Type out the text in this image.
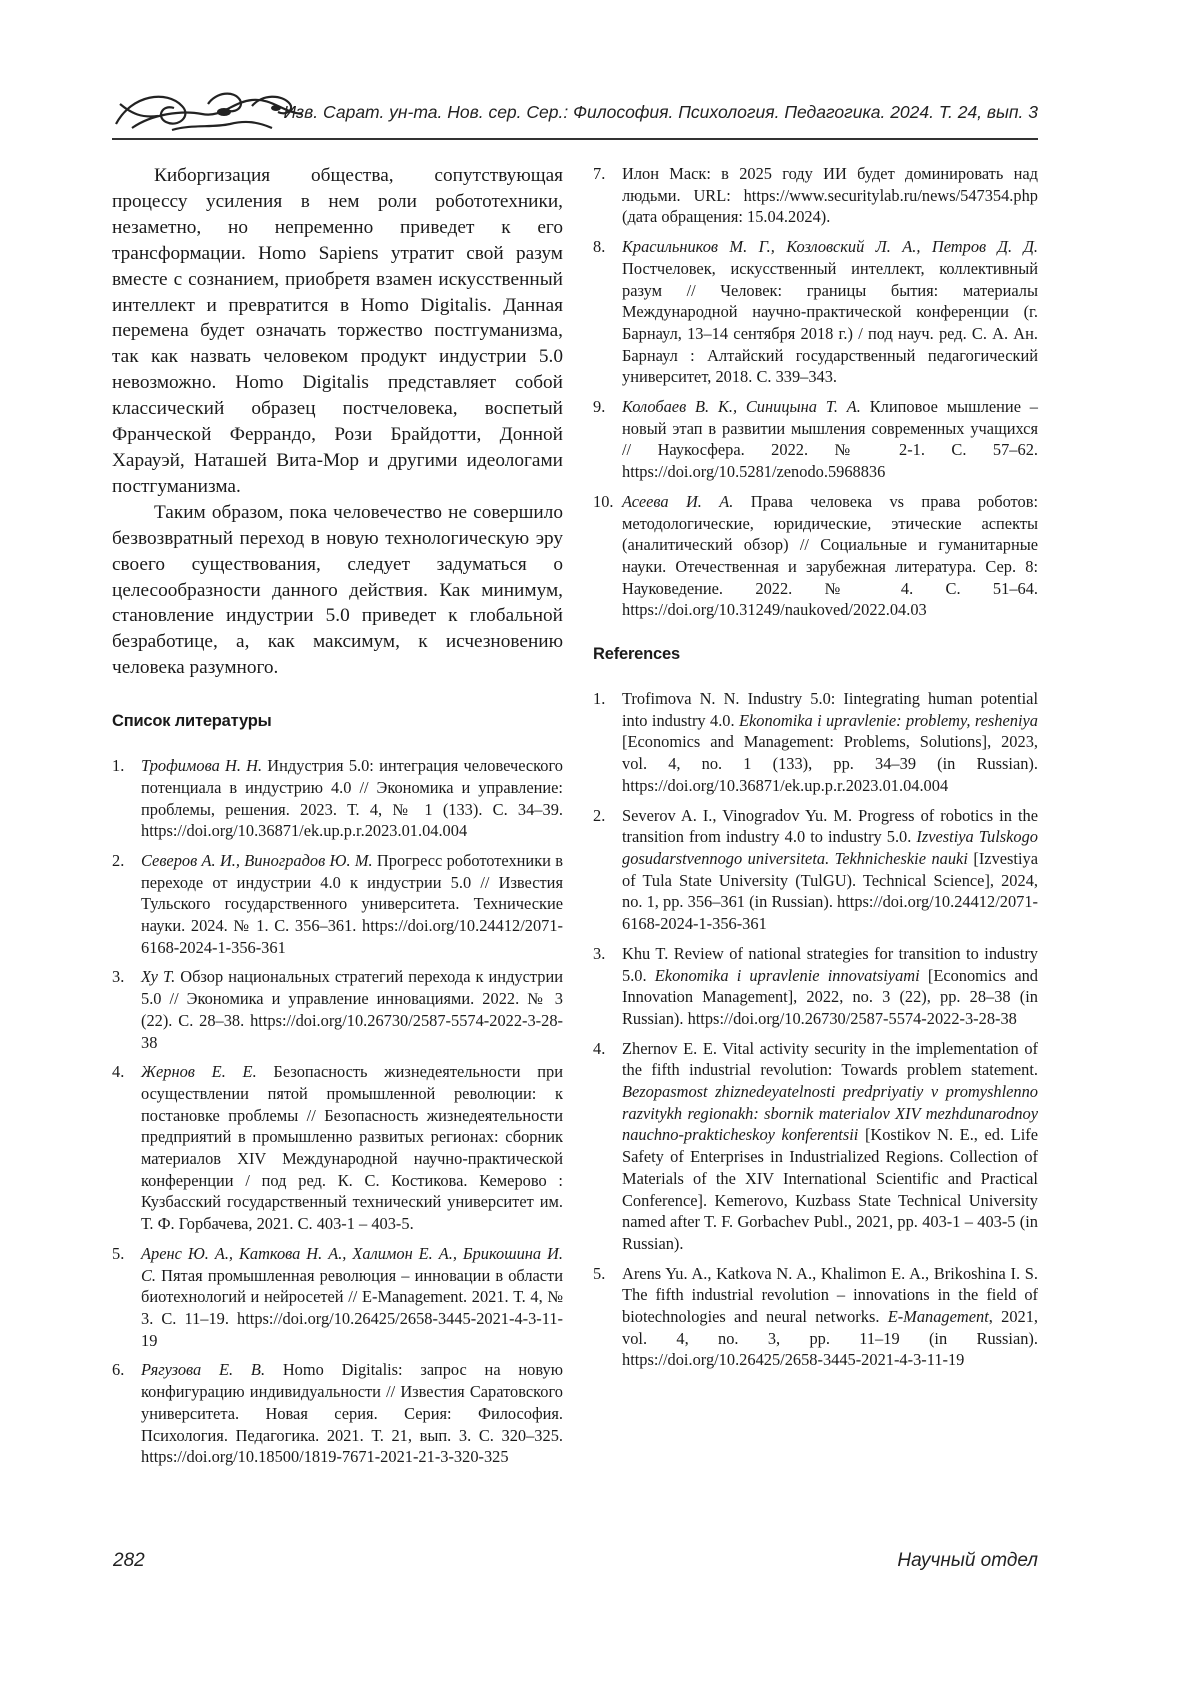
Изв. Сарат. ун-та. Нов. сер. Сер.: Философия. Психология. Педагогика. 2024. Т. 24, вып. 3

Киборгизация общества, сопутствующая процессу усиления в нем роли робототехники, незаметно, но непременно приведет к его трансформации. Homo Sapiens утратит свой разум вместе с сознанием, приобретя взамен искусственный интеллект и превратится в Homo Digitalis. Данная перемена будет означать торжество постгуманизма, так как назвать человеком продукт индустрии 5.0 невозможно. Homo Digitalis представляет собой классический образец постчеловека, воспетый Франческой Феррандо, Рози Брайдотти, Донной Харауэй, Наташей Вита-Мор и другими идеологами постгуманизма.

Таким образом, пока человечество не совершило безвозвратный переход в новую технологическую эру своего существования, следует задуматься о целесообразности данного действия. Как минимум, становление индустрии 5.0 приведет к глобальной безработице, а, как максимум, к исчезновению человека разумного.

Список литературы
1. Трофимова Н. Н. Индустрия 5.0: интеграция человеческого потенциала в индустрию 4.0 // Экономика и управление: проблемы, решения. 2023. Т. 4, № 1 (133). С. 34–39. https://doi.org/10.36871/ek.up.p.r.2023.01.04.004
2. Северов А. И., Виноградов Ю. М. Прогресс робототехники в переходе от индустрии 4.0 к индустрии 5.0 // Известия Тульского государственного университета. Технические науки. 2024. № 1. С. 356–361. https://doi.org/10.24412/2071-6168-2024-1-356-361
3. Ху Т. Обзор национальных стратегий перехода к индустрии 5.0 // Экономика и управление инновациями. 2022. № 3 (22). С. 28–38. https://doi.org/10.26730/2587-5574-2022-3-28-38
4. Жернов Е. Е. Безопасность жизнедеятельности при осуществлении пятой промышленной революции: к постановке проблемы // Безопасность жизнедеятельности предприятий в промышленно развитых регионах: сборник материалов XIV Международной научно-практической конференции / под ред. К. С. Костикова. Кемерово : Кузбасский государственный технический университет им. Т. Ф. Горбачева, 2021. С. 403-1 – 403-5.
5. Аренс Ю. А., Каткова Н. А., Халимон Е. А., Брикошина И. С. Пятая промышленная революция – инновации в области биотехнологий и нейросетей // E-Management. 2021. Т. 4, № 3. С. 11–19. https://doi.org/10.26425/2658-3445-2021-4-3-11-19
6. Рягузова Е. В. Homo Digitalis: запрос на новую конфигурацию индивидуальности // Известия Саратовского университета. Новая серия. Серия: Философия. Психология. Педагогика. 2021. Т. 21, вып. 3. С. 320–325. https://doi.org/10.18500/1819-7671-2021-21-3-320-325
7. Илон Маск: в 2025 году ИИ будет доминировать над людьми. URL: https://www.securitylab.ru/news/547354.php (дата обращения: 15.04.2024).
8. Красильников М. Г., Козловский Л. А., Петров Д. Д. Постчеловек, искусственный интеллект, коллективный разум // Человек: границы бытия: материалы Международной научно-практической конференции (г. Барнаул, 13–14 сентября 2018 г.) / под науч. ред. С. А. Ан. Барнаул : Алтайский государственный педагогический университет, 2018. С. 339–343.
9. Колобаев В. К., Синицына Т. А. Клиповое мышление – новый этап в развитии мышления современных учащихся // Наукосфера. 2022. № 2-1. С. 57–62. https://doi.org/10.5281/zenodo.5968836
10. Асеева И. А. Права человека vs права роботов: методологические, юридические, этические аспекты (аналитический обзор) // Социальные и гуманитарные науки. Отечественная и зарубежная литература. Сер. 8: Науковедение. 2022. № 4. С. 51–64. https://doi.org/10.31249/naukoved/2022.04.03
References
1. Trofimova N. N. Industry 5.0: Iintegrating human potential into industry 4.0. Ekonomika i upravlenie: problemy, resheniya [Economics and Management: Problems, Solutions], 2023, vol. 4, no. 1 (133), pp. 34–39 (in Russian). https://doi.org/10.36871/ek.up.p.r.2023.01.04.004
2. Severov A. I., Vinogradov Yu. M. Progress of robotics in the transition from industry 4.0 to industry 5.0. Izvestiya Tulskogo gosudarstvennogo universiteta. Tekhnicheskie nauki [Izvestiya of Tula State University (TulGU). Technical Science], 2024, no. 1, pp. 356–361 (in Russian). https://doi.org/10.24412/2071-6168-2024-1-356-361
3. Khu T. Review of national strategies for transition to industry 5.0. Ekonomika i upravlenie innovatsiyami [Economics and Innovation Management], 2022, no. 3 (22), pp. 28–38 (in Russian). https://doi.org/10.26730/2587-5574-2022-3-28-38
4. Zhernov E. E. Vital activity security in the implementation of the fifth industrial revolution: Towards problem statement. Bezopasmost zhiznedeyatelnosti predpriyatiy v promyshlenno razvitykh regionakh: sbornik materialov XIV mezhdunarodnoy nauchno-prakticheskoy konferentsii [Kostikov N. E., ed. Life Safety of Enterprises in Industrialized Regions. Collection of Materials of the XIV International Scientific and Practical Conference]. Kemerovo, Kuzbass State Technical University named after T. F. Gorbachev Publ., 2021, pp. 403-1 – 403-5 (in Russian).
5. Arens Yu. A., Katkova N. A., Khalimon E. A., Brikoshina I. S. The fifth industrial revolution – innovations in the field of biotechnologies and neural networks. E-Management, 2021, vol. 4, no. 3, pp. 11–19 (in Russian). https://doi.org/10.26425/2658-3445-2021-4-3-11-19
282	Научный отдел
